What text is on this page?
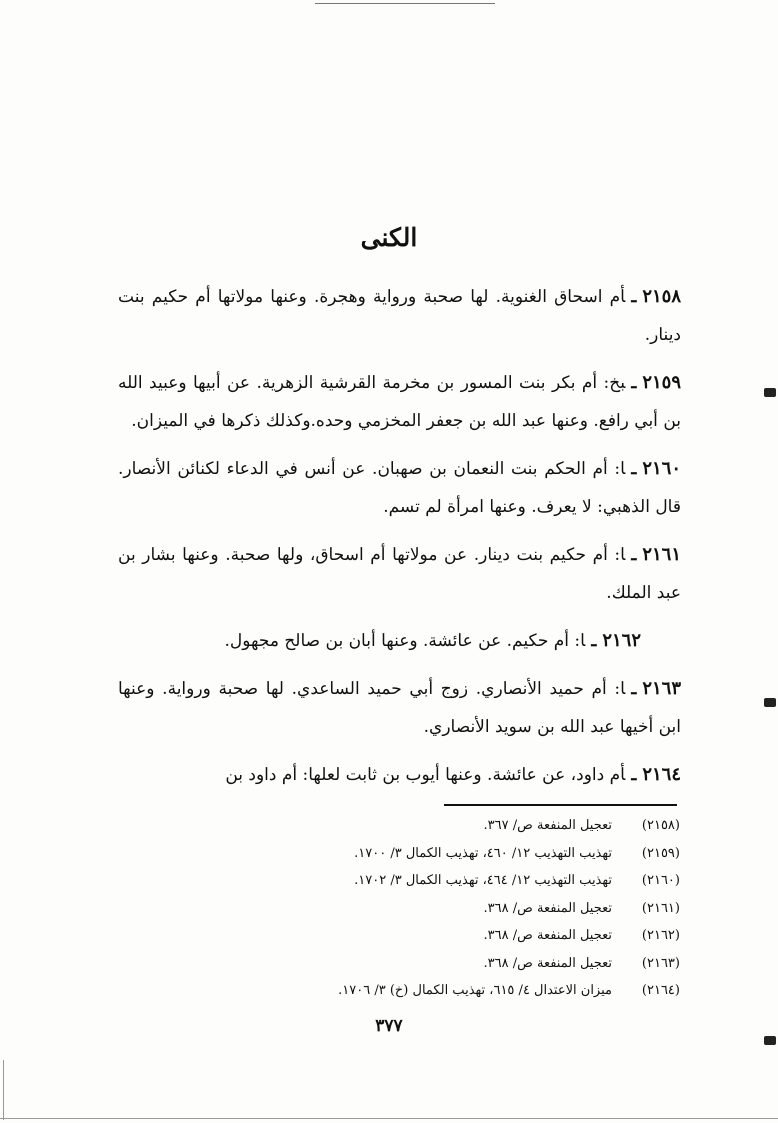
الكنى

٢١٥٨ـأم اسحاق الغنوية. لها صحبة ورواية وهجرة. وعنها مولاتها أم حكيم بنت دينار.

٢١٥٩ـبخ: أم بكر بنت المسور بن مخرمة القرشية الزهرية. عن أبيها وعبيد الله بن أبي رافع. وعنها عبد الله بن جعفر المخزمي وحده.وكذلك ذكرها في الميزان.

٢١٦٠ـا: أم الحكم بنت النعمان بن صهبان. عن أنس في الدعاء لكنائن الأنصار. قال الذهبي: لا يعرف. وعنها امرأة لم تسم.

٢١٦١ـا: أم حكيم بنت دينار. عن مولاتها أم اسحاق، ولها صحبة. وعنها بشار بن عبد الملك.

٢١٦٢ـا: أم حكيم. عن عائشة. وعنها أبان بن صالح مجهول.

٢١٦٣ـا: أم حميد الأنصاري. زوج أبي حميد الساعدي. لها صحبة ورواية. وعنها ابن أخيها عبد الله بن سويد الأنصاري.

٢١٦٤ـأم داود، عن عائشة. وعنها أيوب بن ثابت لعلها: أم داود بن

(٢١٥٨)تعجيل المنفعة ص/ ٣٦٧.
(٢١٥٩)تهذيب التهذيب ١٢/ ٤٦٠، تهذيب الكمال ٣/ ١٧٠٠.
(٢١٦٠)تهذيب التهذيب ١٢/ ٤٦٤، تهذيب الكمال ٣/ ١٧٠٢.
(٢١٦١)تعجيل المنفعة ص/ ٣٦٨.
(٢١٦٢)تعجيل المنفعة ص/ ٣٦٨.
(٢١٦٣)تعجيل المنفعة ص/ ٣٦٨.
(٢١٦٤)ميزان الاعتدال ٤/ ٦١٥، تهذيب الكمال (خ) ٣/ ١٧٠٦.
٣٧٧
